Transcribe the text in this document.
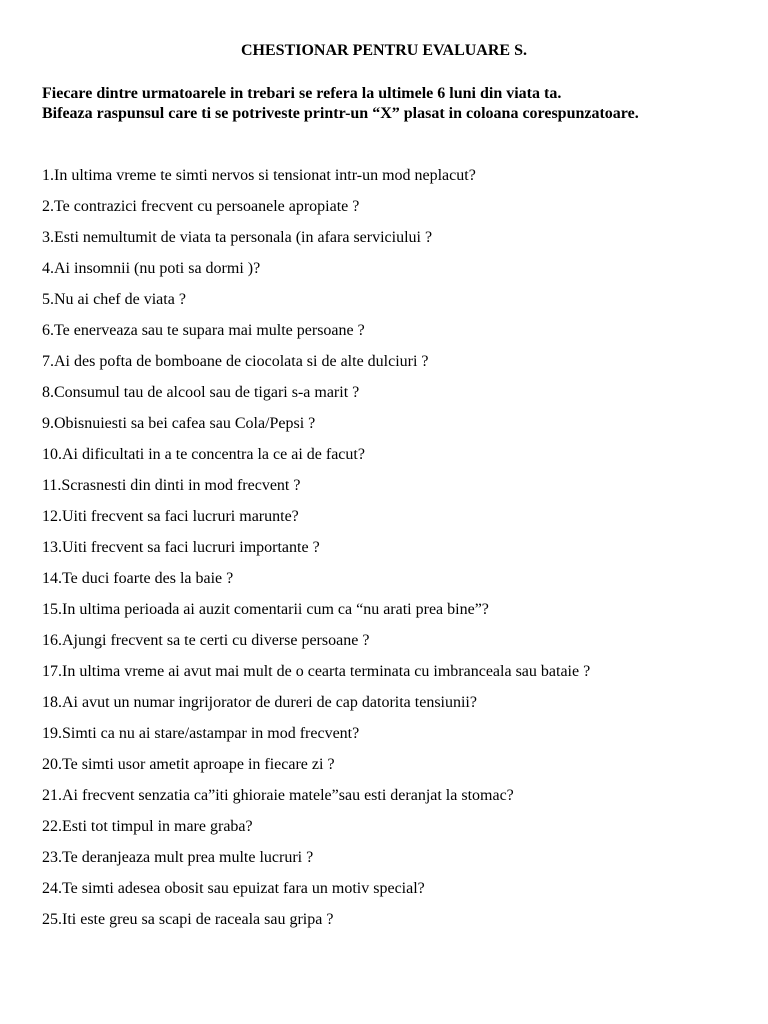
CHESTIONAR PENTRU EVALUARE S.
Fiecare dintre urmatoarele in trebari se refera la ultimele 6 luni din viata ta.
Bifeaza raspunsul care ti se potriveste printr-un “X” plasat in coloana corespunzatoare.
1.In ultima vreme te simti nervos si tensionat intr-un mod neplacut?
2.Te contrazici frecvent cu persoanele apropiate ?
3.Esti nemultumit de viata ta personala (in afara serviciului ?
4.Ai insomnii (nu poti sa dormi )?
5.Nu ai chef de viata ?
6.Te enerveaza sau te supara mai multe persoane ?
7.Ai des pofta de bomboane de ciocolata si de alte dulciuri ?
8.Consumul tau de alcool sau de tigari s-a marit ?
9.Obisnuiesti sa bei cafea sau Cola/Pepsi ?
10.Ai dificultati in a te concentra la ce ai de facut?
11.Scrasnesti din dinti in mod frecvent ?
12.Uiti frecvent sa faci lucruri marunte?
13.Uiti frecvent sa faci lucruri importante ?
14.Te duci foarte des la baie ?
15.In ultima perioada ai auzit comentarii cum ca “nu arati prea bine”?
16.Ajungi frecvent sa te certi cu diverse persoane ?
17.In ultima vreme ai avut mai mult de o cearta terminata cu imbranceala sau bataie ?
18.Ai avut un numar ingrijorator de dureri de cap datorita tensiunii?
19.Simti ca nu ai stare/astampar in mod frecvent?
20.Te simti usor ametit aproape in fiecare zi ?
21.Ai frecvent senzatia ca”iti ghioraie matele”sau esti deranjat la stomac?
22.Esti tot timpul in mare graba?
23.Te deranjeaza mult prea multe lucruri ?
24.Te simti adesea obosit sau epuizat fara un motiv special?
25.Iti este greu sa scapi de raceala sau gripa ?
